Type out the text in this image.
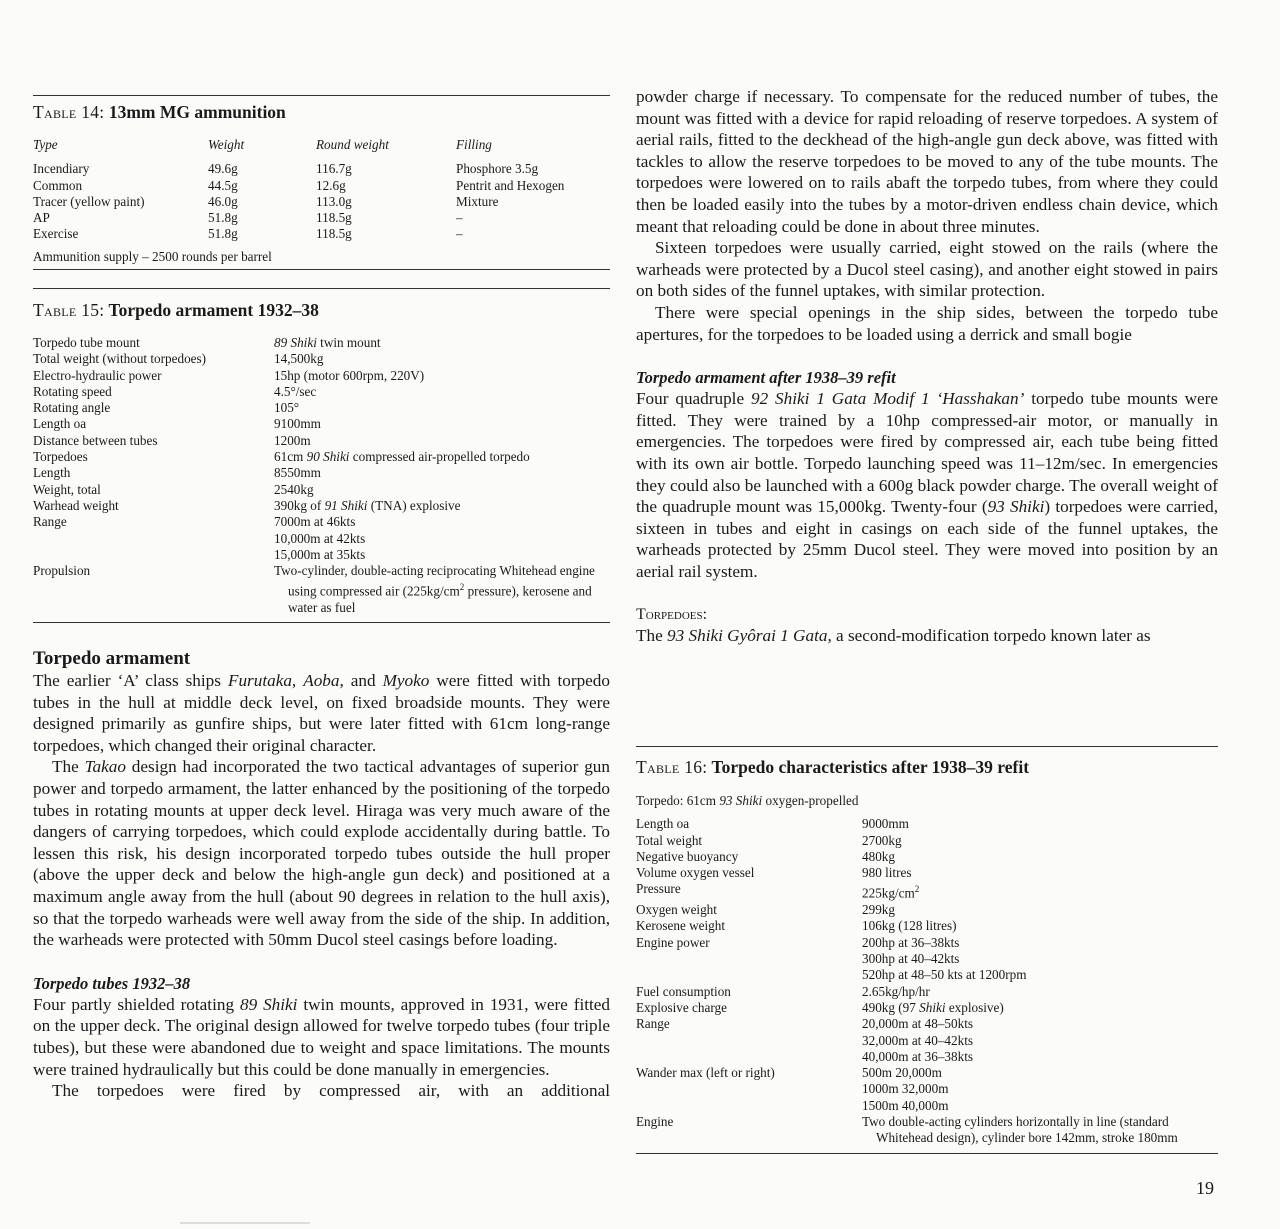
Table 14: 13mm MG ammunition
Type	Weight	Round weight	Filling
Incendiary	49.6g	116.7g	Phosphore 3.5g
Common	44.5g	12.6g	Pentrit and Hexogen
Tracer (yellow paint)	46.0g	113.0g	Mixture
AP	51.8g	118.5g	–
Exercise	51.8g	118.5g	–
Ammunition supply – 2500 rounds per barrel
Table 15: Torpedo armament 1932–38
Torpedo tube mount	89 Shiki twin mount
Total weight (without torpedoes)	14,500kg
Electro-hydraulic power	15hp (motor 600rpm, 220V)
Rotating speed	4.5°/sec
Rotating angle	105°
Length oa	9100mm
Distance between tubes	1200m
Torpedoes	61cm 90 Shiki compressed air-propelled torpedo
Length	8550mm
Weight, total	2540kg
Warhead weight	390kg of 91 Shiki (TNA) explosive
Range	7000m at 46kts
10,000m at 42kts
15,000m at 35kts
Propulsion	Two-cylinder, double-acting reciprocating Whitehead engine using compressed air ($225kg/cm^2$ pressure), kerosene and water as fuel
Torpedo armament

The earlier ‘A’ class ships Furutaka, Aoba, and Myoko were fitted with torpedo tubes in the hull at middle deck level, on fixed broadside mounts. They were designed primarily as gunfire ships, but were later fitted with 61cm long-range torpedoes, which changed their original character.

The Takao design had incorporated the two tactical advantages of superior gun power and torpedo armament, the latter enhanced by the positioning of the torpedo tubes in rotating mounts at upper deck level. Hiraga was very much aware of the dangers of carrying torpedoes, which could explode accidentally during battle. To lessen this risk, his design incorporated torpedo tubes outside the hull proper (above the upper deck and below the high-angle gun deck) and positioned at a maximum angle away from the hull (about 90 degrees in relation to the hull axis), so that the torpedo warheads were well away from the side of the ship. In addition, the warheads were protected with 50mm Ducol steel casings before loading.

Torpedo tubes 1932–38

Four partly shielded rotating 89 Shiki twin mounts, approved in 1931, were fitted on the upper deck. The original design allowed for twelve torpedo tubes (four triple tubes), but these were abandoned due to weight and space limitations. The mounts were trained hydraulically but this could be done manually in emergencies.

The torpedoes were fired by compressed air, with an additional

powder charge if necessary. To compensate for the reduced number of tubes, the mount was fitted with a device for rapid reloading of reserve torpedoes. A system of aerial rails, fitted to the deckhead of the high-angle gun deck above, was fitted with tackles to allow the reserve torpedoes to be moved to any of the tube mounts. The torpedoes were lowered on to rails abaft the torpedo tubes, from where they could then be loaded easily into the tubes by a motor-driven endless chain device, which meant that reloading could be done in about three minutes.

Sixteen torpedoes were usually carried, eight stowed on the rails (where the warheads were protected by a Ducol steel casing), and another eight stowed in pairs on both sides of the funnel uptakes, with similar protection.

There were special openings in the ship sides, between the torpedo tube apertures, for the torpedoes to be loaded using a derrick and small bogie

Torpedo armament after 1938–39 refit

Four quadruple 92 Shiki 1 Gata Modif 1 ‘Hasshakan’ torpedo tube mounts were fitted. They were trained by a 10hp compressed-air motor, or manually in emergencies. The torpedoes were fired by compressed air, each tube being fitted with its own air bottle. Torpedo launching speed was 11–12m/sec. In emergencies they could also be launched with a 600g black powder charge. The overall weight of the quadruple mount was 15,000kg. Twenty-four (93 Shiki) torpedoes were carried, sixteen in tubes and eight in casings on each side of the funnel uptakes, the warheads protected by 25mm Ducol steel. They were moved into position by an aerial rail system.

Torpedoes:

The 93 Shiki Gyôrai 1 Gata, a second-modification torpedo known later as

Table 16: Torpedo characteristics after 1938–39 refit
Torpedo: 61cm 93 Shiki oxygen-propelled
Length oa	9000mm
Total weight	2700kg
Negative buoyancy	480kg
Volume oxygen vessel	980 litres
Pressure	$225kg/cm^2$
Oxygen weight	299kg
Kerosene weight	106kg (128 litres)
Engine power	200hp at 36–38kts
300hp at 40–42kts
520hp at 48–50 kts at 1200rpm
Fuel consumption	2.65kg/hp/hr
Explosive charge	490kg (97 Shiki explosive)
Range	20,000m at 48–50kts
32,000m at 40–42kts
40,000m at 36–38kts
Wander max (left or right)	500m 20,000m
1000m 32,000m
1500m 40,000m
Engine	Two double-acting cylinders horizontally in line (standard Whitehead design), cylinder bore 142mm, stroke 180mm
19
